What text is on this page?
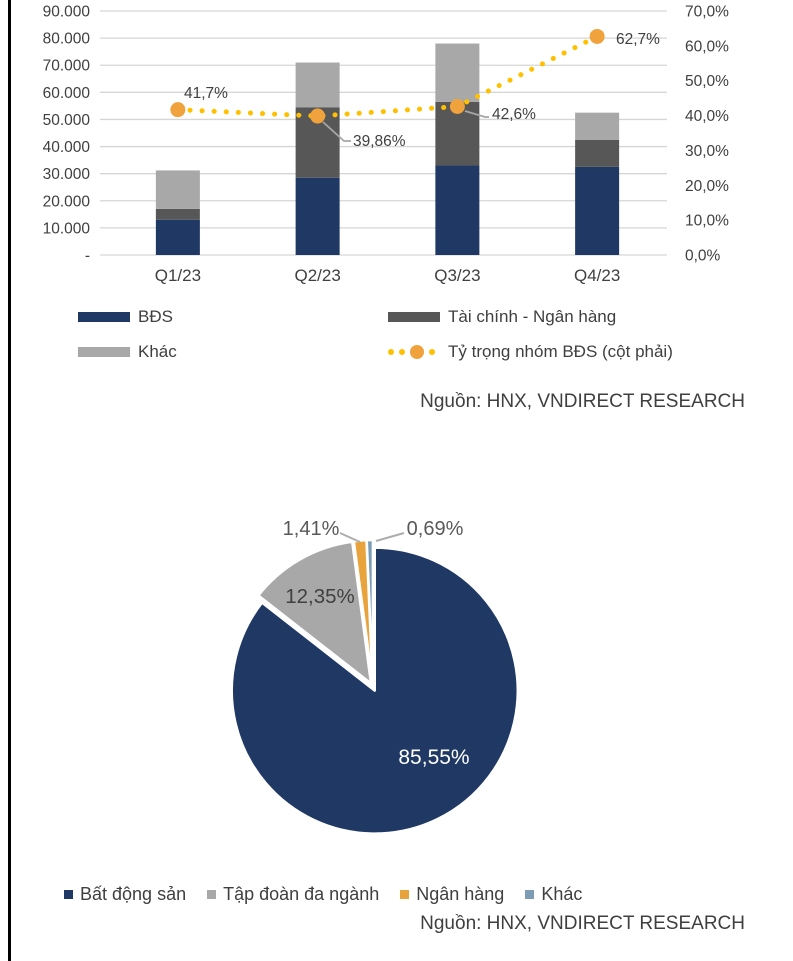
90.000
80.000
70.000
60.000
50.000
40.000
30.000
20.000
10.000
-
70,0%
60,0%
50,0%
40,0%
30,0%
20,0%
10,0%
0,0%
Q1/23	Q2/23	Q3/23	Q4/23
41,7%
39,86%
42,6%
62,7%
BĐS	Tài chính - Ngân hàng
Khác	Tỷ trọng nhóm BĐS (cột phải)
Nguồn: HNX, VNDIRECT RESEARCH
85,55%
12,35%
1,41%	0,69%
Bất động sản Tập đoàn đa ngành Ngân hàng Khác
Nguồn: HNX, VNDIRECT RESEARCH
